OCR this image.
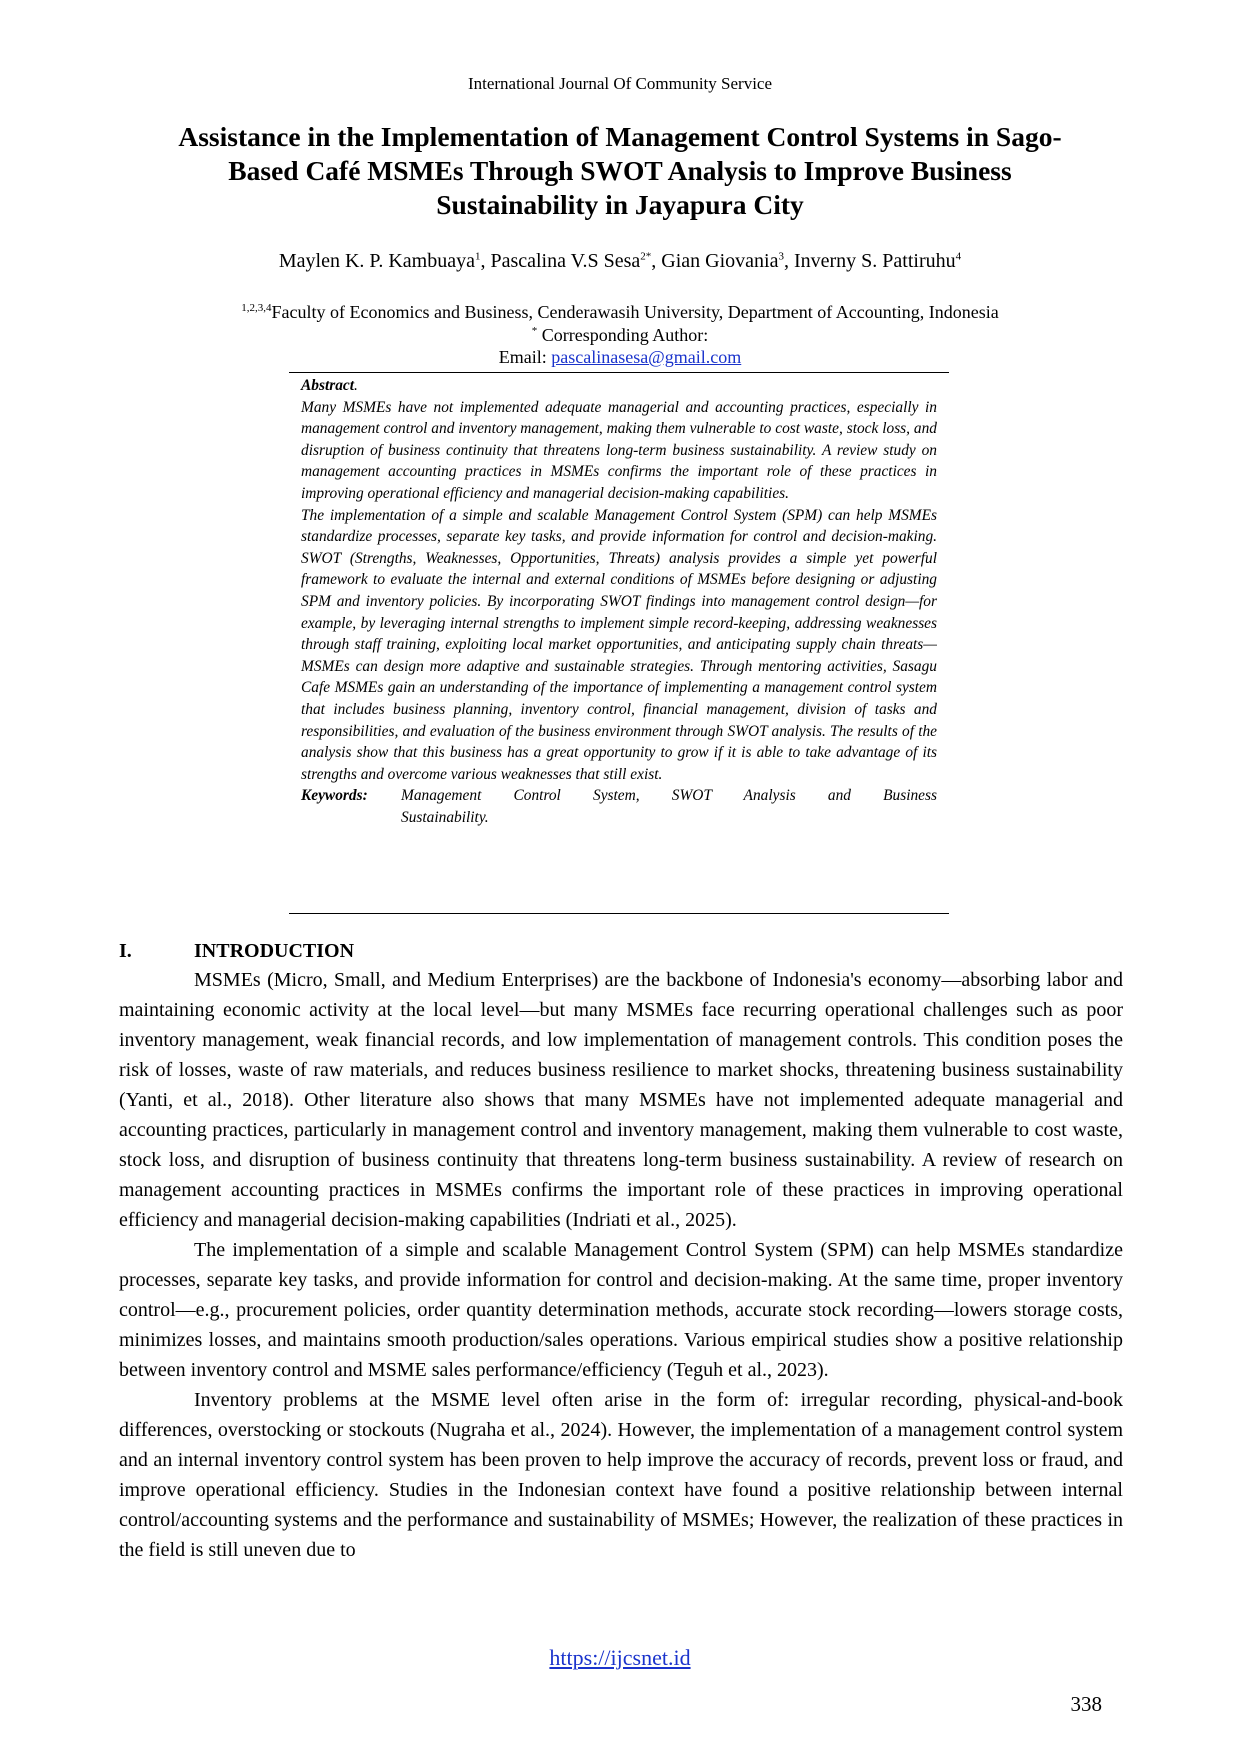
International Journal Of Community Service
Assistance in the Implementation of Management Control Systems in Sago-
Based Café MSMEs Through SWOT Analysis to Improve Business
Sustainability in Jayapura City
Maylen K. P. Kambuaya$^1$, Pascalina V.S Sesa$^{2*}$, Gian Giovania$^3$, Inverny S. Pattiruhu$^4$
$^{1,2,3,4}$Faculty of Economics and Business, Cenderawasih University, Department of Accounting, Indonesia
* Corresponding Author:
Email: pascalinasesa@gmail.com

Abstract.

Many MSMEs have not implemented adequate managerial and accounting practices, especially in management control and inventory management, making them vulnerable to cost waste, stock loss, and disruption of business continuity that threatens long-term business sustainability. A review study on management accounting practices in MSMEs confirms the important role of these practices in improving operational efficiency and managerial decision-making capabilities.

The implementation of a simple and scalable Management Control System (SPM) can help MSMEs standardize processes, separate key tasks, and provide information for control and decision-making. SWOT (Strengths, Weaknesses, Opportunities, Threats) analysis provides a simple yet powerful framework to evaluate the internal and external conditions of MSMEs before designing or adjusting SPM and inventory policies. By incorporating SWOT findings into management control design—for example, by leveraging internal strengths to implement simple record-keeping, addressing weaknesses through staff training, exploiting local market opportunities, and anticipating supply chain threats—MSMEs can design more adaptive and sustainable strategies. Through mentoring activities, Sasagu Cafe MSMEs gain an understanding of the importance of implementing a management control system that includes business planning, inventory control, financial management, division of tasks and responsibilities, and evaluation of the business environment through SWOT analysis. The results of the analysis show that this business has a great opportunity to grow if it is able to take advantage of its strengths and overcome various weaknesses that still exist.

Keywords:	Management Control System, SWOT Analysis and Business
Sustainability.
I.	INTRODUCTION

MSMEs (Micro, Small, and Medium Enterprises) are the backbone of Indonesia's economy—absorbing labor and maintaining economic activity at the local level—but many MSMEs face recurring operational challenges such as poor inventory management, weak financial records, and low implementation of management controls. This condition poses the risk of losses, waste of raw materials, and reduces business resilience to market shocks, threatening business sustainability (Yanti, et al., 2018). Other literature also shows that many MSMEs have not implemented adequate managerial and accounting practices, particularly in management control and inventory management, making them vulnerable to cost waste, stock loss, and disruption of business continuity that threatens long-term business sustainability. A review of research on management accounting practices in MSMEs confirms the important role of these practices in improving operational efficiency and managerial decision-making capabilities (Indriati et al., 2025).

The implementation of a simple and scalable Management Control System (SPM) can help MSMEs standardize processes, separate key tasks, and provide information for control and decision-making. At the same time, proper inventory control—e.g., procurement policies, order quantity determination methods, accurate stock recording—lowers storage costs, minimizes losses, and maintains smooth production/sales operations. Various empirical studies show a positive relationship between inventory control and MSME sales performance/efficiency (Teguh et al., 2023).

Inventory problems at the MSME level often arise in the form of: irregular recording, physical-and-book differences, overstocking or stockouts (Nugraha et al., 2024). However, the implementation of a management control system and an internal inventory control system has been proven to help improve the accuracy of records, prevent loss or fraud, and improve operational efficiency. Studies in the Indonesian context have found a positive relationship between internal control/accounting systems and the performance and sustainability of MSMEs; However, the realization of these practices in the field is still uneven due to

https://ijcsnet.id
338
